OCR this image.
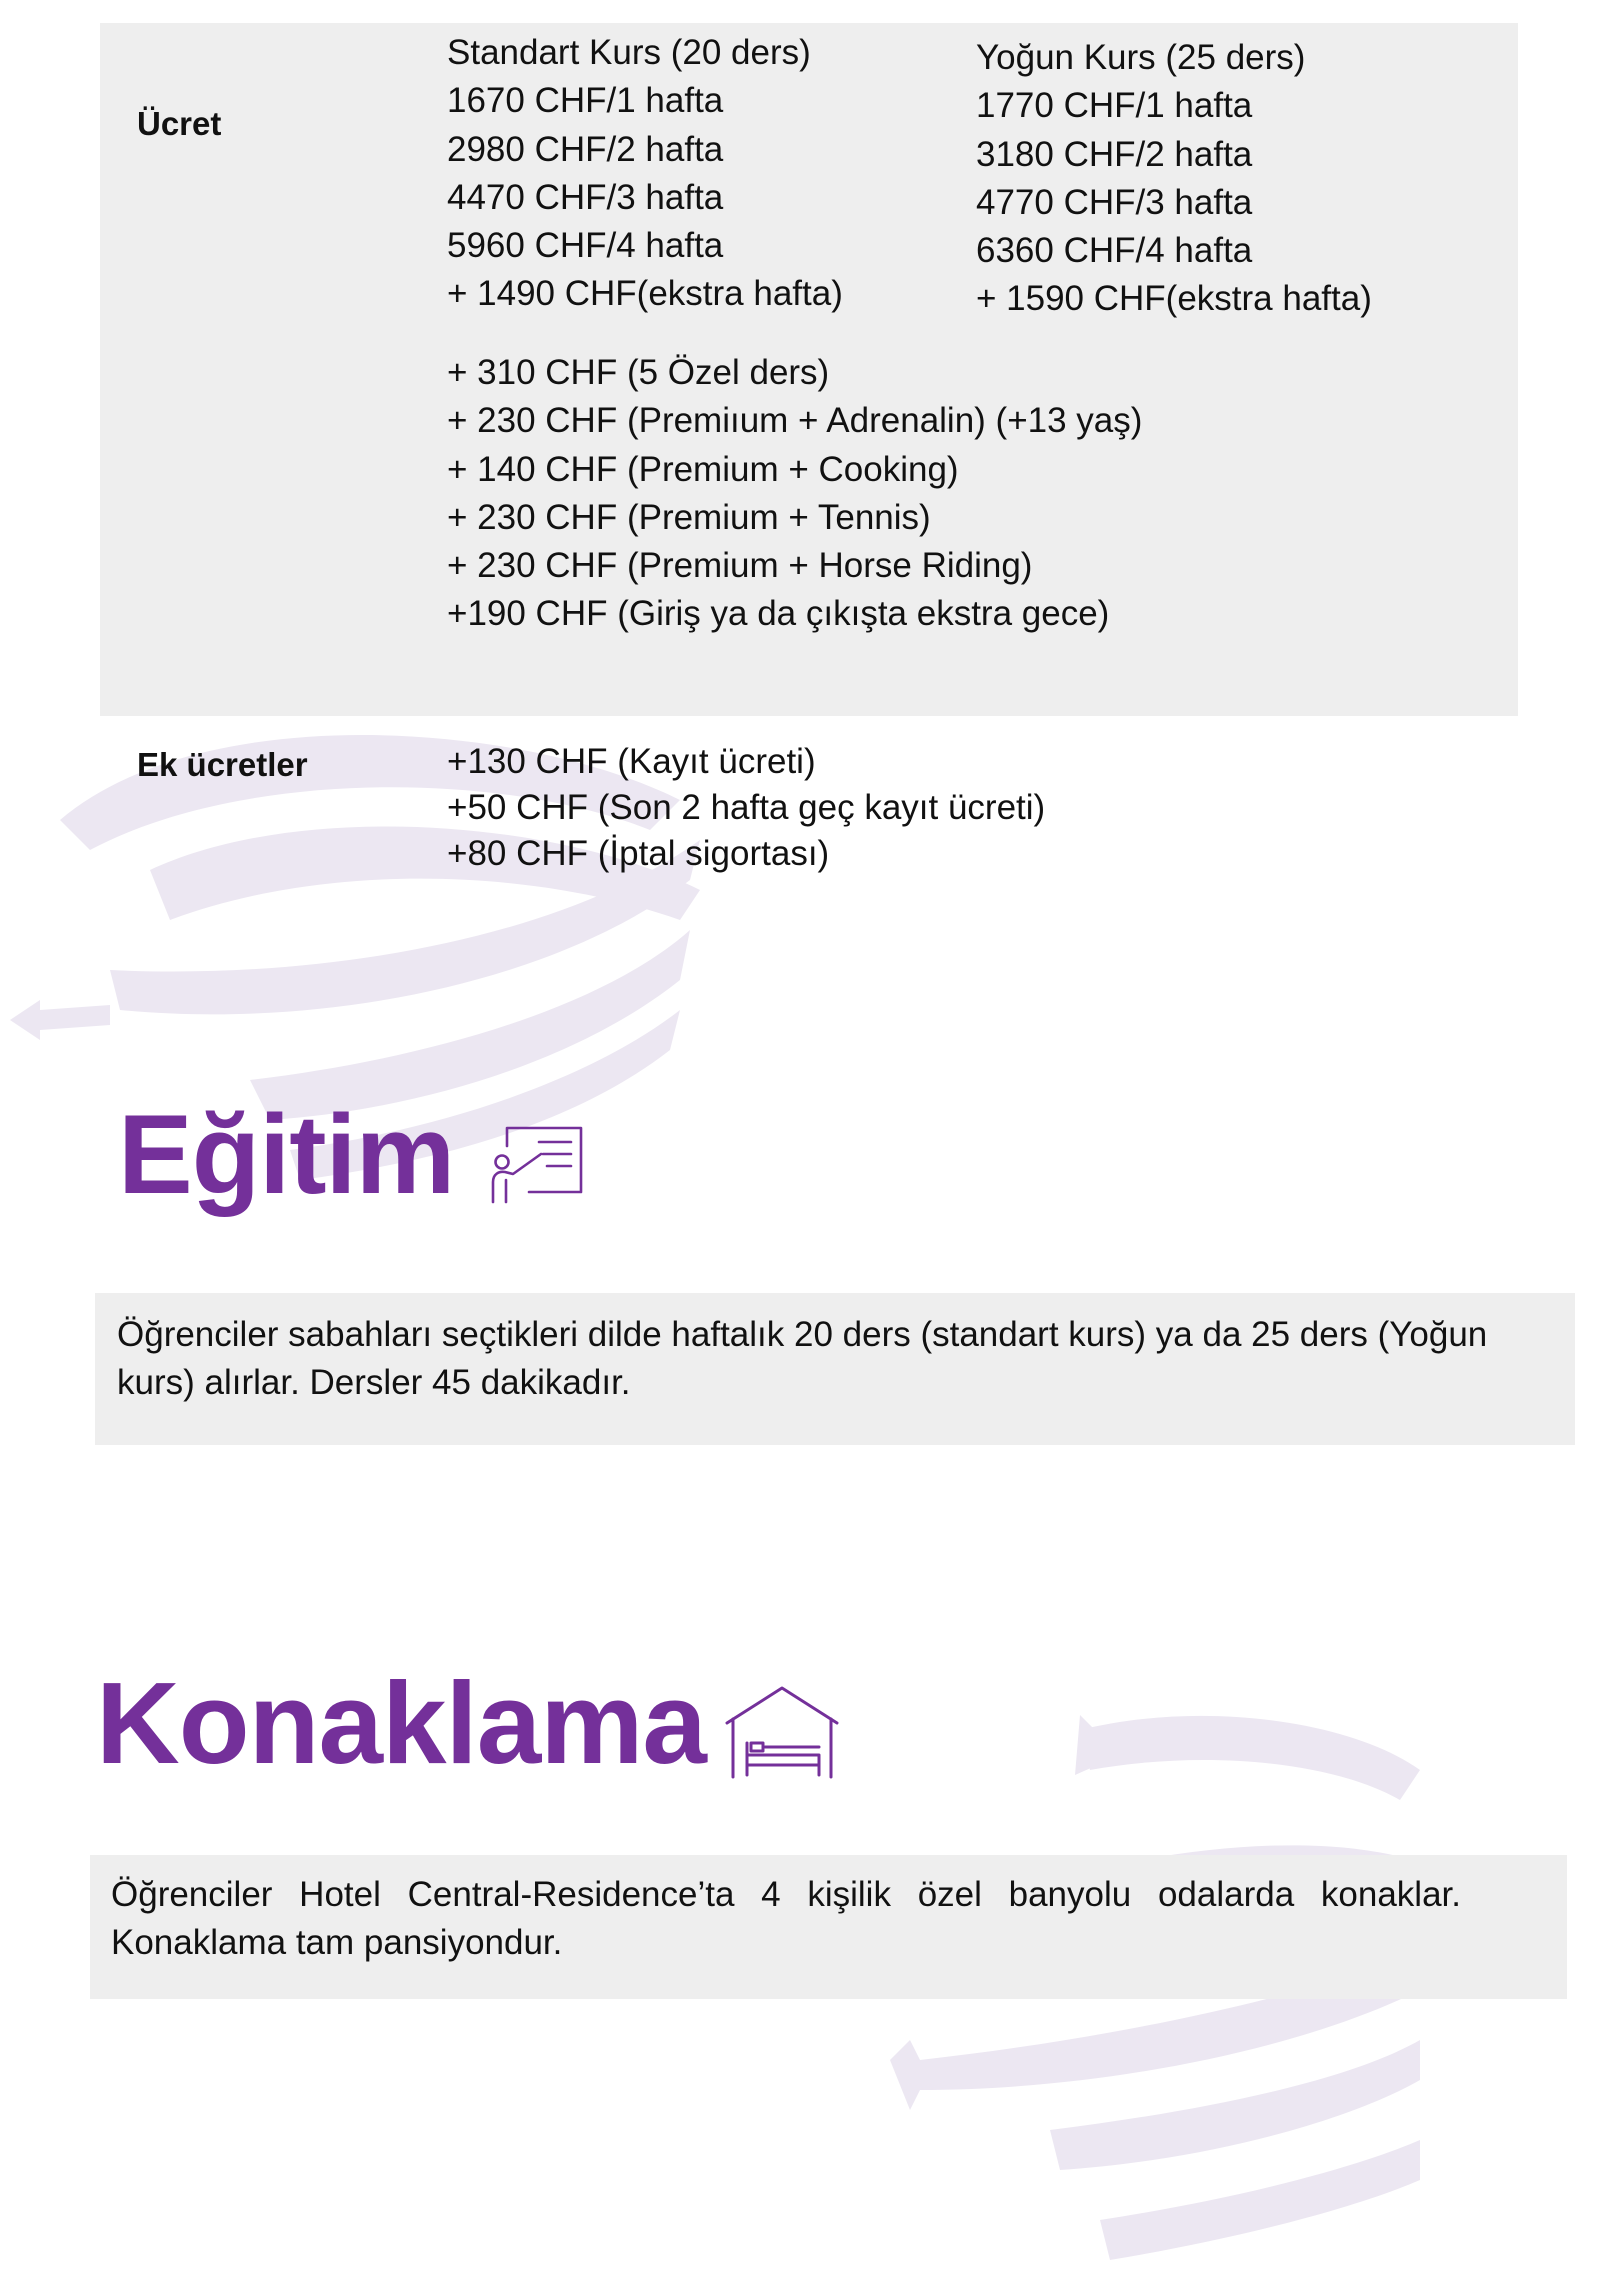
Ücret
Standart Kurs (20 ders)
1670 CHF/1 hafta
2980 CHF/2 hafta
4470 CHF/3 hafta
5960 CHF/4 hafta
+ 1490 CHF(ekstra hafta)
Yoğun Kurs (25 ders)
1770 CHF/1 hafta
3180 CHF/2 hafta
4770 CHF/3 hafta
6360 CHF/4 hafta
+ 1590 CHF(ekstra hafta)
+ 310 CHF (5 Özel ders)
+ 230 CHF (Premiıum + Adrenalin) (+13 yaş)
+ 140 CHF (Premium + Cooking)
+ 230 CHF (Premium + Tennis)
+ 230 CHF (Premium + Horse Riding)
+190 CHF (Giriş ya da çıkışta ekstra gece)
Ek ücretler	+130 CHF (Kayıt ücreti)
+50 CHF (Son 2 hafta geç kayıt ücreti)
+80 CHF (İptal sigortası)
Eğitim
Öğrenciler sabahları seçtikleri dilde haftalık 20 ders (standart kurs) ya da 25 ders (Yoğun kurs) alırlar. Dersler 45 dakikadır.
Konaklama
Öğrenciler Hotel Central-Residence’ta 4 kişilik özel banyolu odalarda konaklar. Konaklama tam pansiyondur.
